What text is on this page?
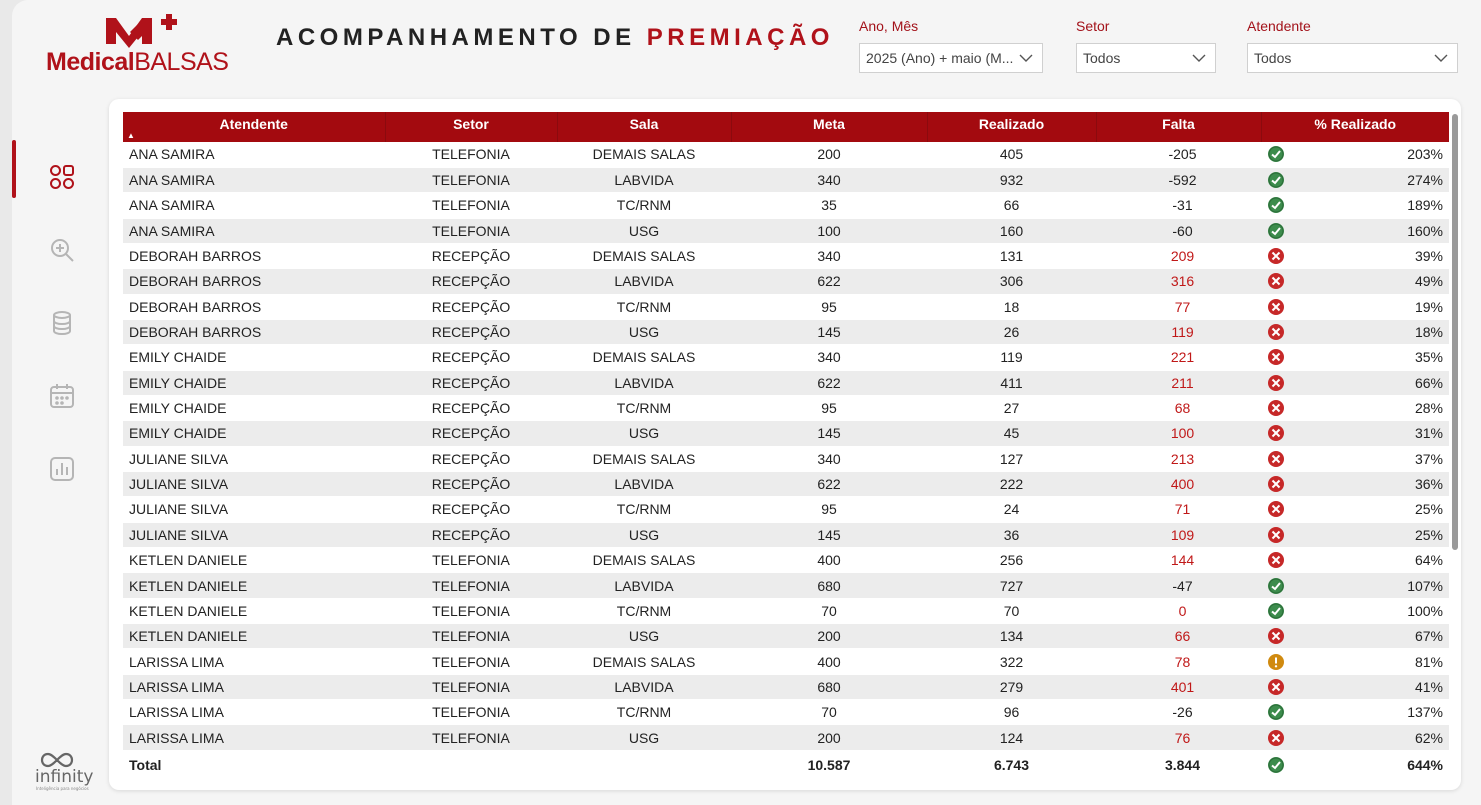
MedicalBALSAS
ACOMPANHAMENTO DE PREMIAÇÃO Ano, Mês
2025 (Ano) + maio (M...
Setor
Todos
Atendente
Todos
infinity
Inteligência para negócios
Atendente
▲	Setor	Sala	Meta	Realizado	Falta	% Realizado
ANA SAMIRA	TELEFONIA	DEMAIS SALAS	200	405	-205	203%

ANA SAMIRA	TELEFONIA	LABVIDA	340	932	-592	274%

ANA SAMIRA	TELEFONIA	TC/RNM	35	66	-31	189%

ANA SAMIRA	TELEFONIA	USG	100	160	-60	160%

DEBORAH BARROS	RECEPÇÃO	DEMAIS SALAS	340	131	209	39%

DEBORAH BARROS	RECEPÇÃO	LABVIDA	622	306	316	49%

DEBORAH BARROS	RECEPÇÃO	TC/RNM	95	18	77	19%

DEBORAH BARROS	RECEPÇÃO	USG	145	26	119	18%

EMILY CHAIDE	RECEPÇÃO	DEMAIS SALAS	340	119	221	35%

EMILY CHAIDE	RECEPÇÃO	LABVIDA	622	411	211	66%

EMILY CHAIDE	RECEPÇÃO	TC/RNM	95	27	68	28%

EMILY CHAIDE	RECEPÇÃO	USG	145	45	100	31%

JULIANE SILVA	RECEPÇÃO	DEMAIS SALAS	340	127	213	37%

JULIANE SILVA	RECEPÇÃO	LABVIDA	622	222	400	36%

JULIANE SILVA	RECEPÇÃO	TC/RNM	95	24	71	25%

JULIANE SILVA	RECEPÇÃO	USG	145	36	109	25%

KETLEN DANIELE	TELEFONIA	DEMAIS SALAS	400	256	144	64%

KETLEN DANIELE	TELEFONIA	LABVIDA	680	727	-47	107%

KETLEN DANIELE	TELEFONIA	TC/RNM	70	70	0	100%

KETLEN DANIELE	TELEFONIA	USG	200	134	66	67%

LARISSA LIMA	TELEFONIA	DEMAIS SALAS	400	322	78	81%

LARISSA LIMA	TELEFONIA	LABVIDA	680	279	401	41%

LARISSA LIMA	TELEFONIA	TC/RNM	70	96	-26	137%

LARISSA LIMA	TELEFONIA	USG	200	124	76	62%

Total			10.587	6.743	3.844	644%
